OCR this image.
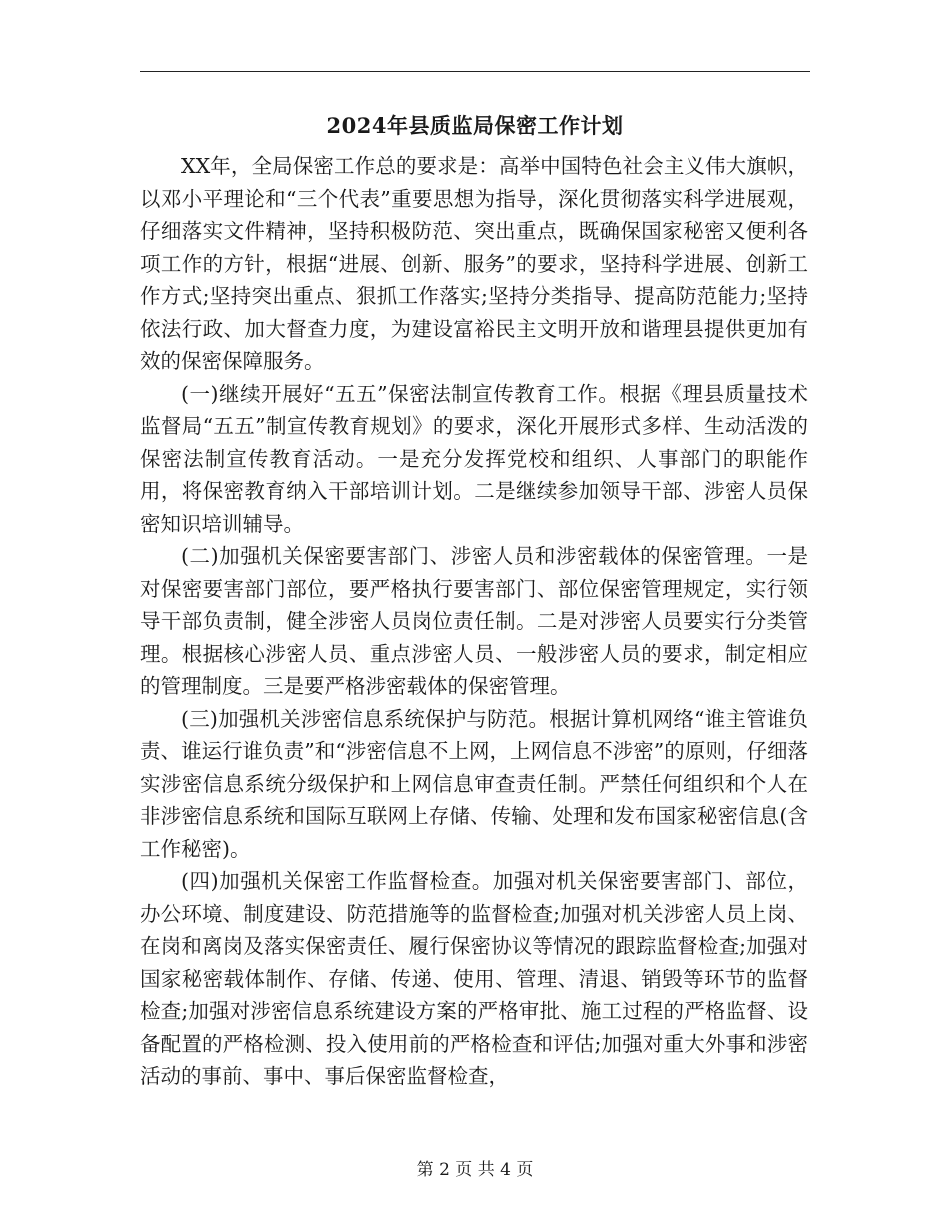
2024年县质监局保密工作计划

XX年，全局保密工作总的要求是：高举中国特色社会主义伟大旗帜，以邓小平理论和“三个代表”重要思想为指导，深化贯彻落实科学进展观，仔细落实文件精神，坚持积极防范、突出重点，既确保国家秘密又便利各项工作的方针，根据“进展、创新、服务”的要求，坚持科学进展、创新工作方式;坚持突出重点、狠抓工作落实;坚持分类指导、提高防范能力;坚持依法行政、加大督查力度，为建设富裕民主文明开放和谐理县提供更加有效的保密保障服务。

(一)继续开展好“五五”保密法制宣传教育工作。根据《理县质量技术监督局“五五”制宣传教育规划》的要求，深化开展形式多样、生动活泼的保密法制宣传教育活动。一是充分发挥党校和组织、人事部门的职能作用，将保密教育纳入干部培训计划。二是继续参加领导干部、涉密人员保密知识培训辅导。

(二)加强机关保密要害部门、涉密人员和涉密载体的保密管理。一是对保密要害部门部位，要严格执行要害部门、部位保密管理规定，实行领导干部负责制，健全涉密人员岗位责任制。二是对涉密人员要实行分类管理。根据核心涉密人员、重点涉密人员、一般涉密人员的要求，制定相应的管理制度。三是要严格涉密载体的保密管理。

(三)加强机关涉密信息系统保护与防范。根据计算机网络“谁主管谁负责、谁运行谁负责”和“涉密信息不上网，上网信息不涉密”的原则，仔细落实涉密信息系统分级保护和上网信息审查责任制。严禁任何组织和个人在非涉密信息系统和国际互联网上存储、传输、处理和发布国家秘密信息(含工作秘密)。

(四)加强机关保密工作监督检查。加强对机关保密要害部门、部位，办公环境、制度建设、防范措施等的监督检查;加强对机关涉密人员上岗、在岗和离岗及落实保密责任、履行保密协议等情况的跟踪监督检查;加强对国家秘密载体制作、存储、传递、使用、管理、清退、销毁等环节的监督检查;加强对涉密信息系统建设方案的严格审批、施工过程的严格监督、设备配置的严格检测、投入使用前的严格检查和评估;加强对重大外事和涉密活动的事前、事中、事后保密监督检查，

第 2 页 共 4 页
